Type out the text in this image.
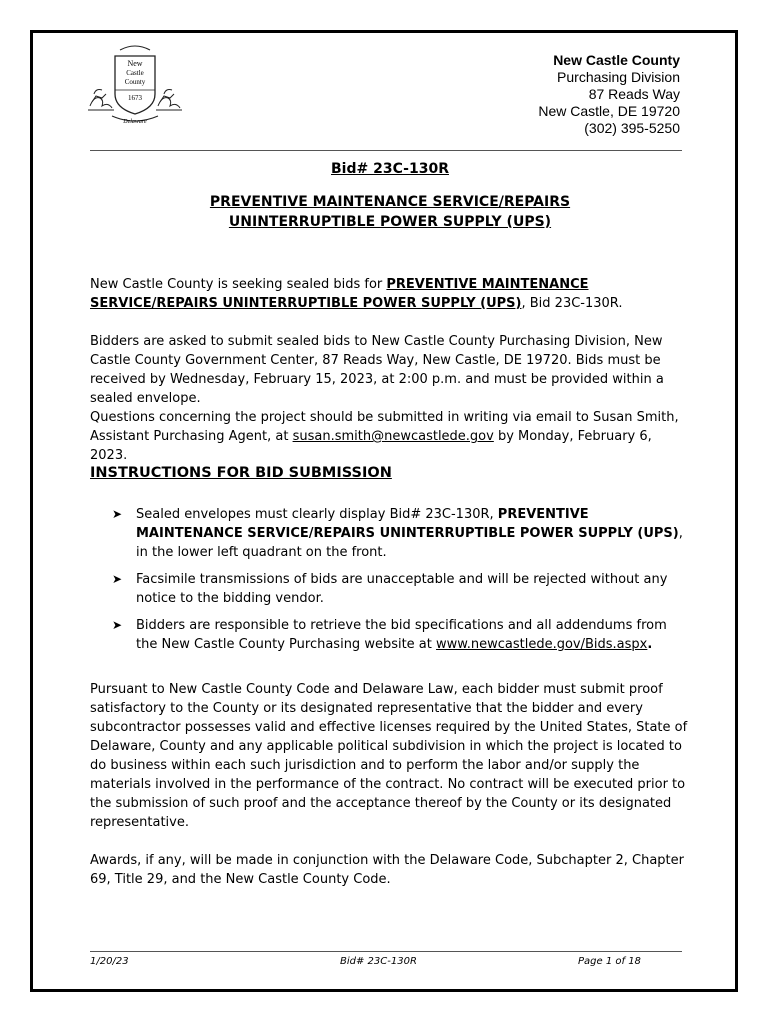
New
Castle
County
1673
Delaware
New Castle County
Purchasing Division
87 Reads Way
New Castle, DE 19720
(302) 395-5250
Bid# 23C-130R
PREVENTIVE MAINTENANCE SERVICE/REPAIRS
UNINTERRUPTIBLE POWER SUPPLY (UPS)
New Castle County is seeking sealed bids for PREVENTIVE MAINTENANCE SERVICE/REPAIRS UNINTERRUPTIBLE POWER SUPPLY (UPS), Bid 23C-130R.
Bidders are asked to submit sealed bids to New Castle County Purchasing Division, New Castle County Government Center, 87 Reads Way, New Castle, DE 19720. Bids must be received by Wednesday, February 15, 2023, at 2:00 p.m. and must be provided within a sealed envelope.
Questions concerning the project should be submitted in writing via email to Susan Smith, Assistant Purchasing Agent, at susan.smith@newcastlede.gov by Monday, February 6, 2023.
INSTRUCTIONS FOR BID SUBMISSION
➤ Sealed envelopes must clearly display Bid# 23C-130R, PREVENTIVE MAINTENANCE SERVICE/REPAIRS UNINTERRUPTIBLE POWER SUPPLY (UPS), in the lower left quadrant on the front.
➤ Facsimile transmissions of bids are unacceptable and will be rejected without any notice to the bidding vendor.
➤ Bidders are responsible to retrieve the bid specifications and all addendums from the New Castle County Purchasing website at www.newcastlede.gov/Bids.aspx.
Pursuant to New Castle County Code and Delaware Law, each bidder must submit proof satisfactory to the County or its designated representative that the bidder and every subcontractor possesses valid and effective licenses required by the United States, State of Delaware, County and any applicable political subdivision in which the project is located to do business within each such jurisdiction and to perform the labor and/or supply the materials involved in the performance of the contract. No contract will be executed prior to the submission of such proof and the acceptance thereof by the County or its designated representative.
Awards, if any, will be made in conjunction with the Delaware Code, Subchapter 2, Chapter 69, Title 29, and the New Castle County Code.
1/20/23	Bid# 23C-130R	Page 1 of 18
